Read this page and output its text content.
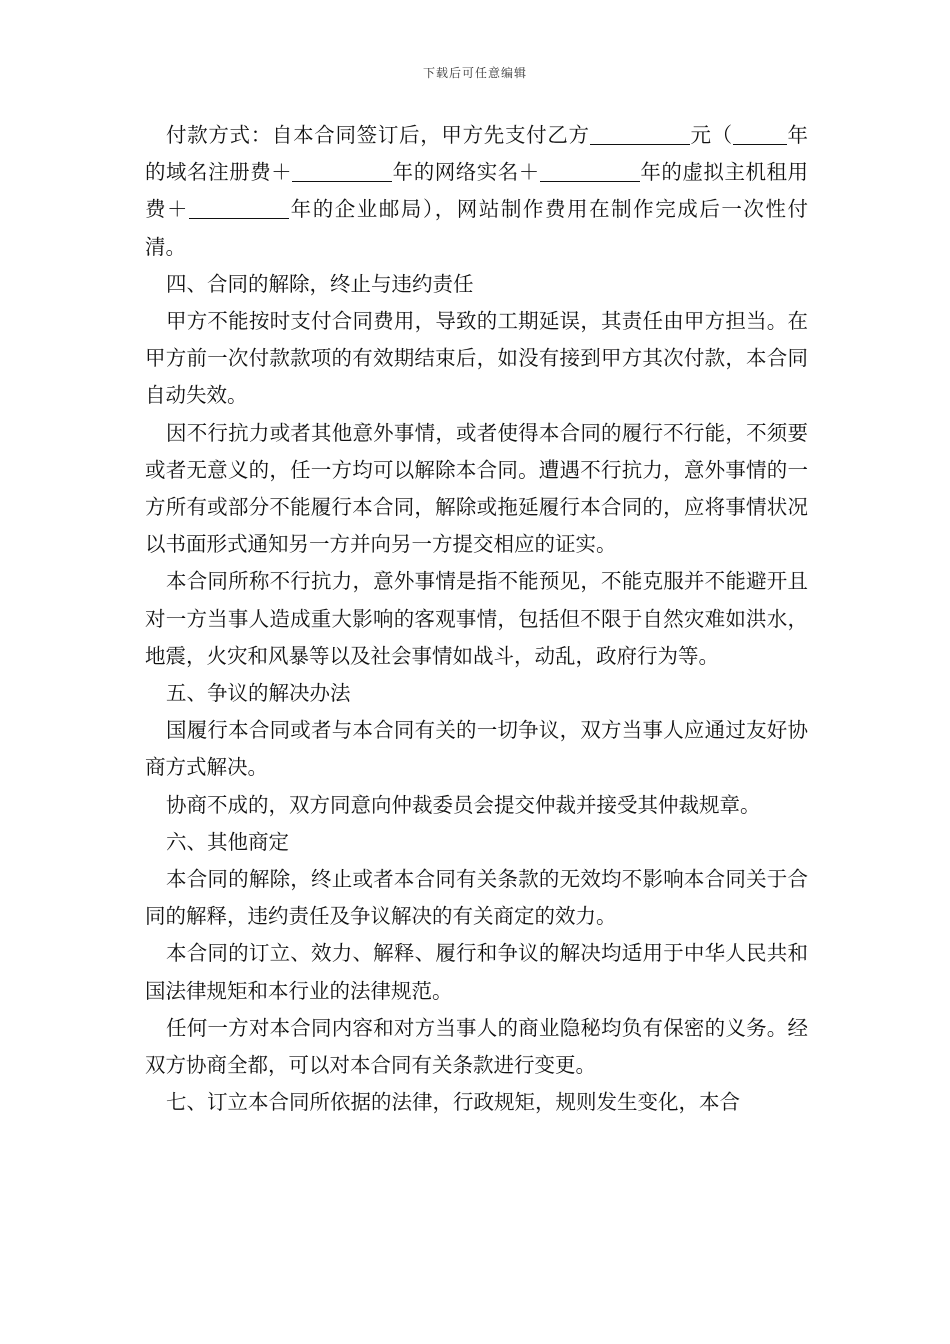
下载后可任意编辑

付款方式：自本合同签订后，甲方先支付乙方	元（	年的域名注册费＋	年的网络实名＋	年的虚拟主机租用费＋	年的企业邮局），网站制作费用在制作完成后一次性付清。

四、合同的解除，终止与违约责任

甲方不能按时支付合同费用，导致的工期延误，其责任由甲方担当。在甲方前一次付款款项的有效期结束后，如没有接到甲方其次付款，本合同自动失效。

因不行抗力或者其他意外事情，或者使得本合同的履行不行能，不须要或者无意义的，任一方均可以解除本合同。遭遇不行抗力，意外事情的一方所有或部分不能履行本合同，解除或拖延履行本合同的，应将事情状况以书面形式通知另一方并向另一方提交相应的证实。

本合同所称不行抗力，意外事情是指不能预见，不能克服并不能避开且对一方当事人造成重大影响的客观事情，包括但不限于自然灾难如洪水，地震，火灾和风暴等以及社会事情如战斗，动乱，政府行为等。

五、争议的解决办法

国履行本合同或者与本合同有关的一切争议，双方当事人应通过友好协商方式解决。

协商不成的，双方同意向仲裁委员会提交仲裁并接受其仲裁规章。

六、其他商定

本合同的解除，终止或者本合同有关条款的无效均不影响本合同关于合同的解释，违约责任及争议解决的有关商定的效力。

本合同的订立、效力、解释、履行和争议的解决均适用于中华人民共和国法律规矩和本行业的法律规范。

任何一方对本合同内容和对方当事人的商业隐秘均负有保密的义务。经双方协商全都，可以对本合同有关条款进行变更。

七、订立本合同所依据的法律，行政规矩，规则发生变化，本合
